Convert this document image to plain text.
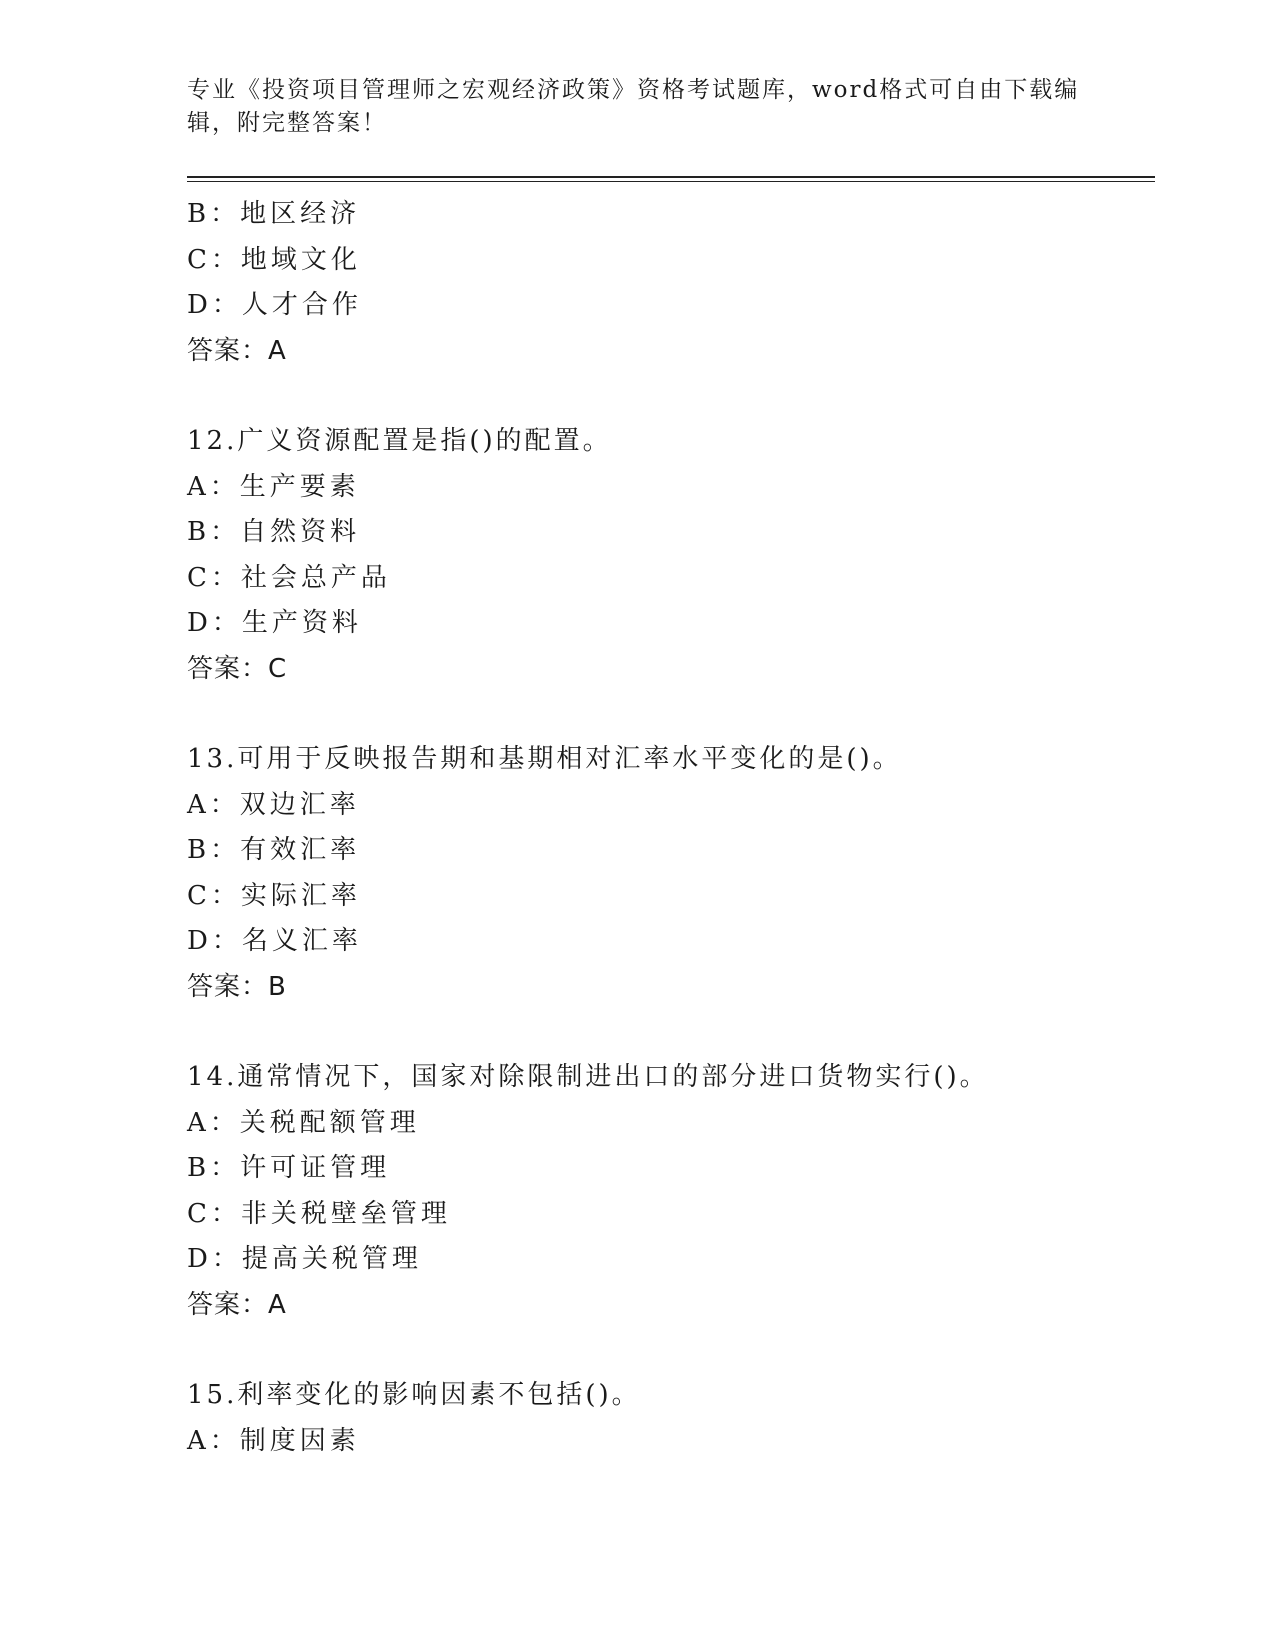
专业《投资项目管理师之宏观经济政策》资格考试题库，word格式可自由下载编
辑，附完整答案！
B：地区经济
C：地域文化
D：人才合作
答案：A
12.广义资源配置是指()的配置。
A：生产要素
B：自然资料
C：社会总产品
D：生产资料
答案：C
13.可用于反映报告期和基期相对汇率水平变化的是()。
A：双边汇率
B：有效汇率
C：实际汇率
D：名义汇率
答案：B
14.通常情况下，国家对除限制进出口的部分进口货物实行()。
A：关税配额管理
B：许可证管理
C：非关税壁垒管理
D：提高关税管理
答案：A
15.利率变化的影响因素不包括()。
A：制度因素
